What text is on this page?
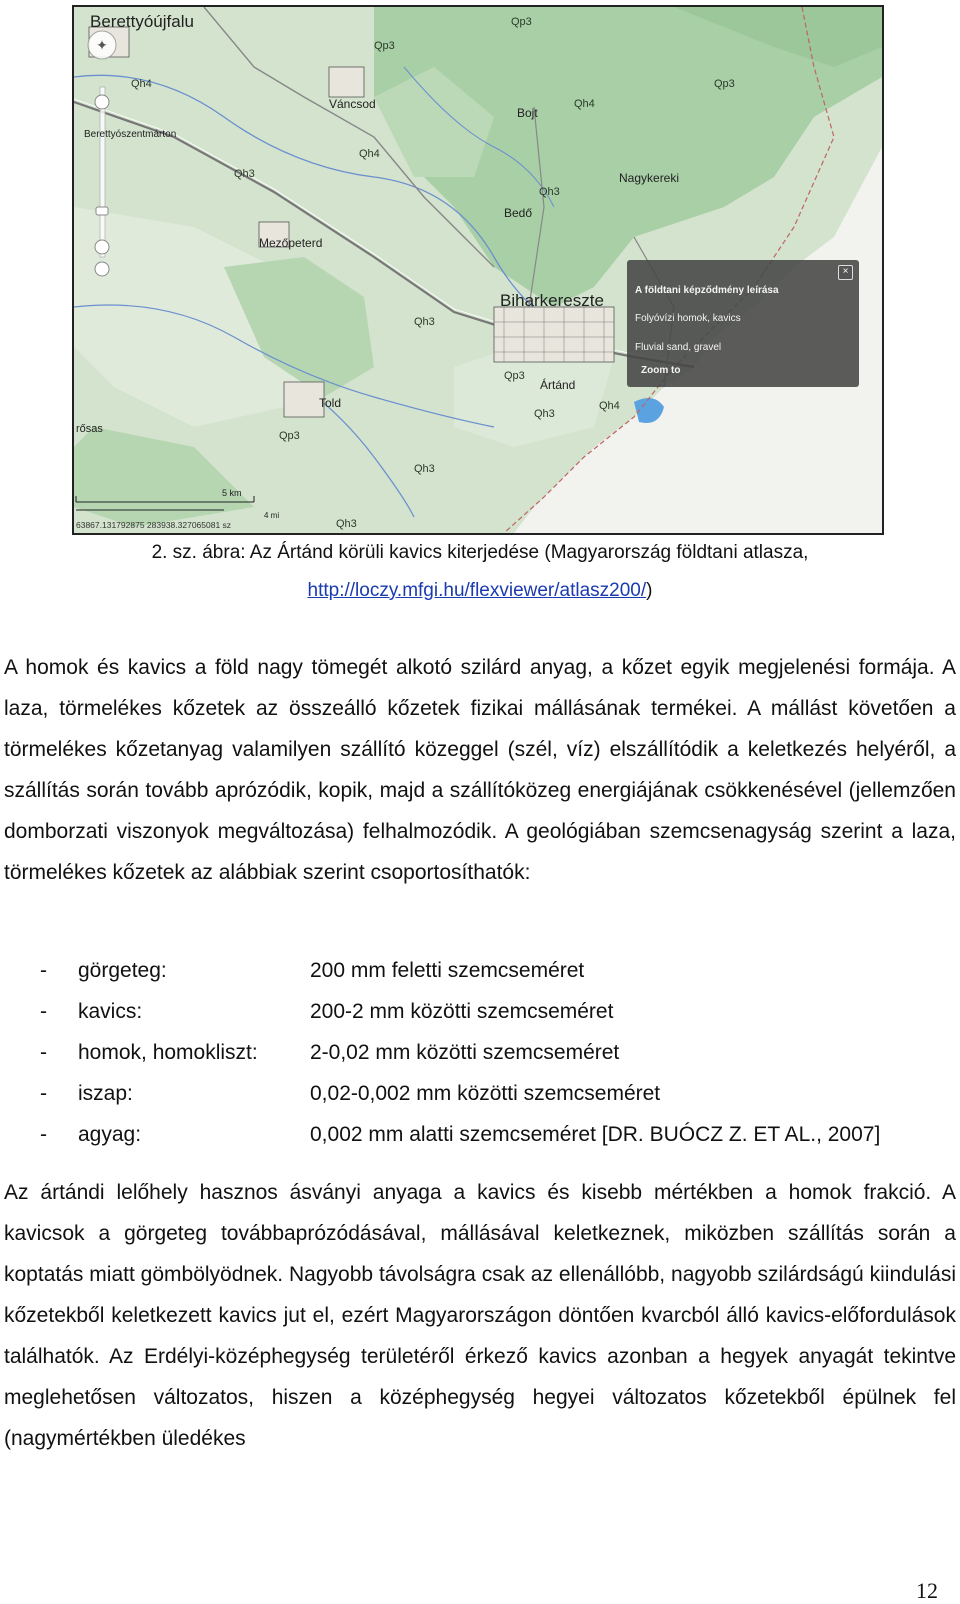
✦
Berettyóújfalu
Váncsod
Berettyószentmárton
Mezőpeterd
Biharkereszte
Bojt
Nagykereki
Bedő
Ártánd
Told
rősas
Qh4
Qp3
Qp3
Qp3
Qh4
Qh4
Qh3
Qh3
Qh3
Qp3
Qh4
Qh3
Qp3
Qh3
Qh3
5 km
4 mi
63867.131792875 283938.327065081 sz
×
A földtani képződmény leírása
Folyóvízi homok, kavics
Fluvial sand, gravel
Zoom to
2. sz. ábra: Az Ártánd körüli kavics kiterjedése (Magyarország földtani atlasza,
http://loczy.mfgi.hu/flexviewer/atlasz200/)

A homok és kavics a föld nagy tömegét alkotó szilárd anyag, a kőzet egyik megjelenési formája. A laza, törmelékes kőzetek az összeálló kőzetek fizikai mállásának termékei. A mállást követően a törmelékes kőzetanyag valamilyen szállító közeggel (szél, víz) elszállítódik a keletkezés helyéről, a szállítás során tovább aprózódik, kopik, majd a szállítóközeg energiájának csökkenésével (jellemzően domborzati viszonyok megváltozása) felhalmozódik. A geológiában szemcsenagyság szerint a laza, törmelékes kőzetek az alábbiak szerint csoportosíthatók:

- görgeteg:	200 mm feletti szemcseméret
- kavics:	200-2 mm közötti szemcseméret
- homok, homokliszt: 2-0,02 mm közötti szemcseméret
- iszap:	0,02-0,002 mm közötti szemcseméret
- agyag:	0,002 mm alatti szemcseméret [DR. BUÓCZ Z. ET AL., 2007]

Az ártándi lelőhely hasznos ásványi anyaga a kavics és kisebb mértékben a homok frakció. A kavicsok a görgeteg továbbaprózódásával, mállásával keletkeznek, miközben szállítás során a koptatás miatt gömbölyödnek. Nagyobb távolságra csak az ellenállóbb, nagyobb szilárdságú kiindulási kőzetekből keletkezett kavics jut el, ezért Magyarországon döntően kvarcból álló kavics-előfordulások találhatók. Az Erdélyi-középhegység területéről érkező kavics azonban a hegyek anyagát tekintve meglehetősen változatos, hiszen a középhegység hegyei változatos kőzetekből épülnek fel (nagymértékben üledékes

12
